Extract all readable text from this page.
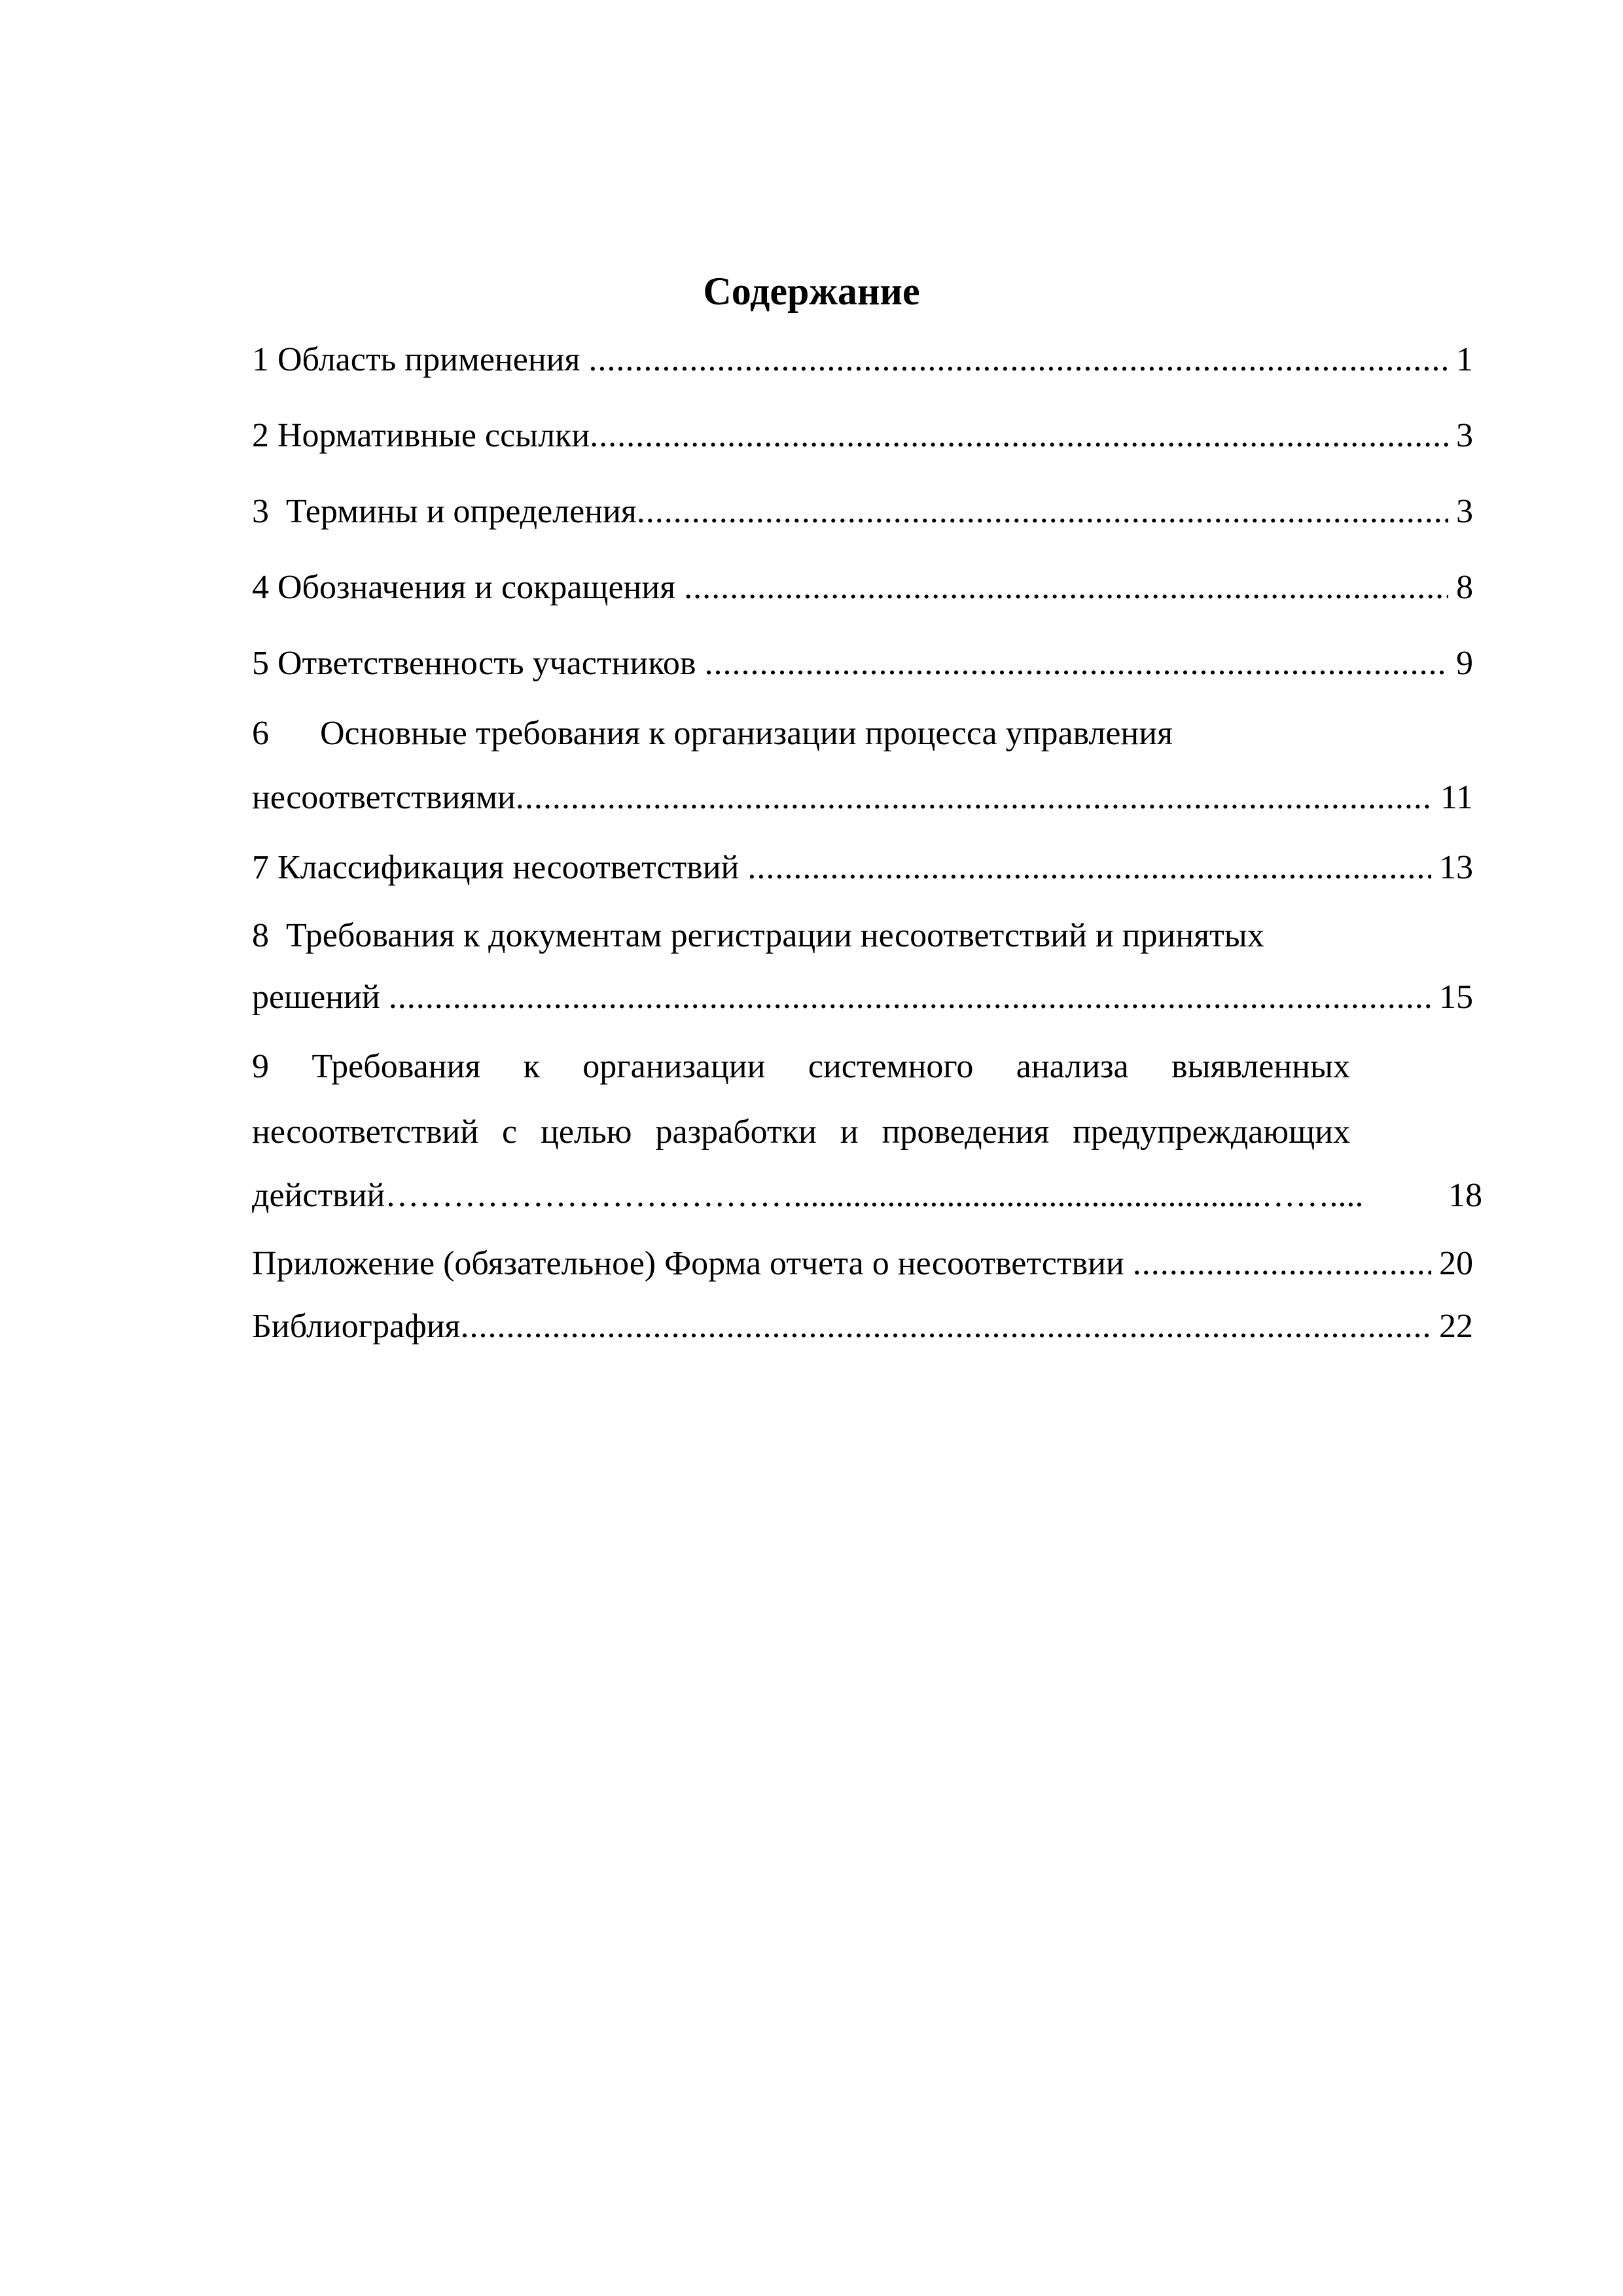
Содержание
1 Область применения .....	1
2 Нормативные ссылки .....	3
3  Термины и определения .....	3
4 Обозначения и сокращения .....	8
5 Ответственность участников .....	9
6      Основные требования к организации процесса управления
несоответствиями .....	11
7 Классификация несоответствий .....	13
8  Требования к документам регистрации несоответствий и принятых
решений .....	15
9 Требования к организации системного анализа выявленных
несоответствий с целью разработки и проведения предупреждающих
действий ……………………………….......................................................……....	18
Приложение (обязательное) Форма отчета о несоответствии .....	20
Библиография .....	22
